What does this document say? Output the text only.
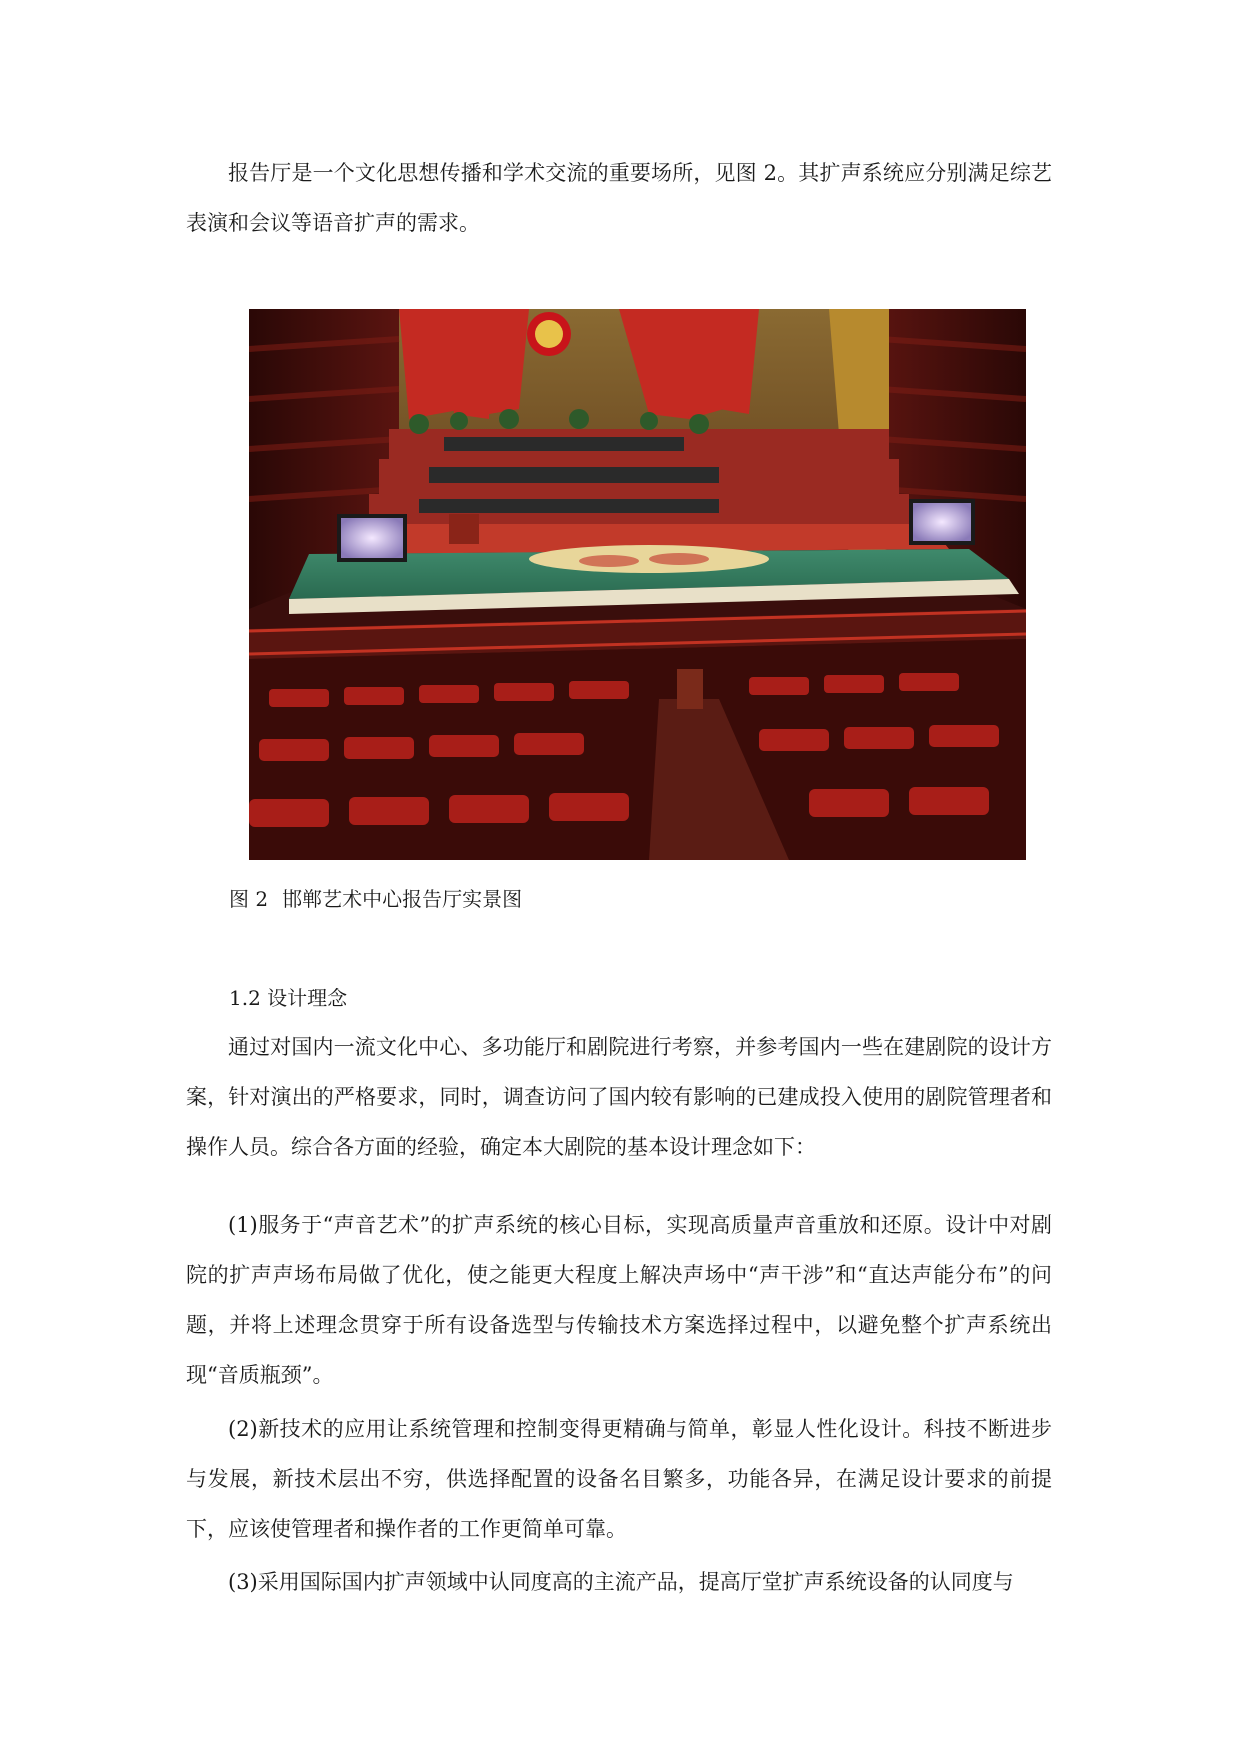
报告厅是一个文化思想传播和学术交流的重要场所，见图 2。其扩声系统应分别满足综艺表演和会议等语音扩声的需求。

图 2 邯郸艺术中心报告厅实景图

1.2 设计理念

通过对国内一流文化中心、多功能厅和剧院进行考察，并参考国内一些在建剧院的设计方案，针对演出的严格要求，同时，调查访问了国内较有影响的已建成投入使用的剧院管理者和操作人员。综合各方面的经验，确定本大剧院的基本设计理念如下：

(1)服务于“声音艺术”的扩声系统的核心目标，实现高质量声音重放和还原。设计中对剧院的扩声声场布局做了优化，使之能更大程度上解决声场中“声干涉”和“直达声能分布”的问题，并将上述理念贯穿于所有设备选型与传输技术方案选择过程中，以避免整个扩声系统出现“音质瓶颈”。

(2)新技术的应用让系统管理和控制变得更精确与简单，彰显人性化设计。科技不断进步与发展，新技术层出不穷，供选择配置的设备名目繁多，功能各异，在满足设计要求的前提下，应该使管理者和操作者的工作更简单可靠。

(3)采用国际国内扩声领域中认同度高的主流产品，提高厅堂扩声系统设备的认同度与
